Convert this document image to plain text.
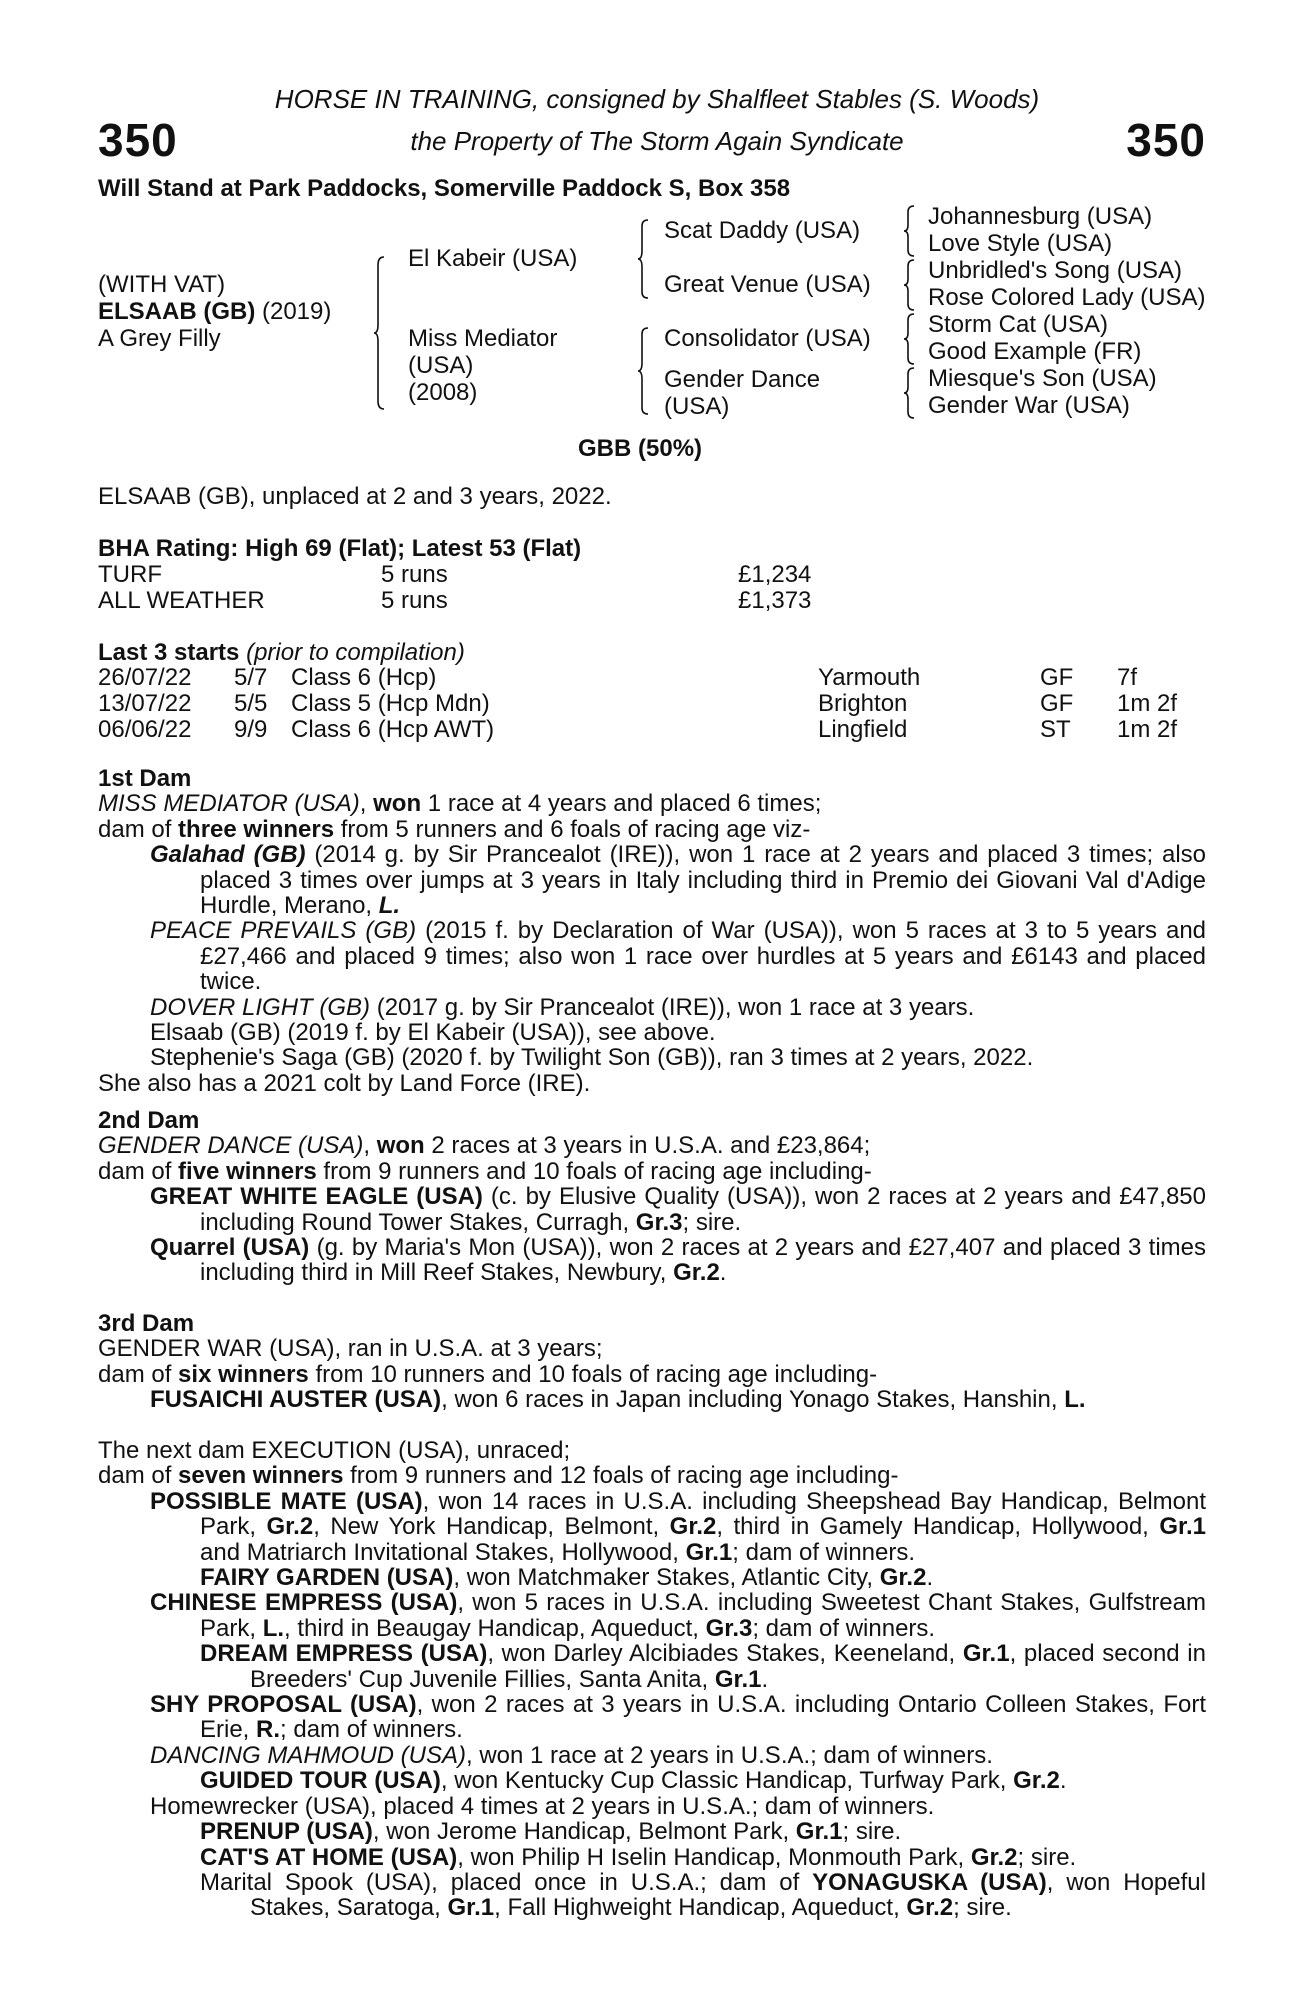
350	350
HORSE IN TRAINING, consigned by Shalfleet Stables (S. Woods)
the Property of The Storm Again Syndicate
Will Stand at Park Paddocks, Somerville Paddock S, Box 358
(WITH VAT)
ELSAAB (GB) (2019)
A Grey Filly
El Kabeir (USA)
Miss Mediator
(USA)
(2008)
Scat Daddy (USA)
Great Venue (USA)
Consolidator (USA)
Gender Dance
(USA)
Johannesburg (USA)
Love Style (USA)
Unbridled's Song (USA)
Rose Colored Lady (USA)
Storm Cat (USA)
Good Example (FR)
Miesque's Son (USA)
Gender War (USA)
GBB (50%)
ELSAAB (GB), unplaced at 2 and 3 years, 2022.
BHA Rating: High 69 (Flat); Latest 53 (Flat)
TURF	5 runs	£1,234
ALL WEATHER	5 runs	£1,373
Last 3 starts (prior to compilation)
26/07/22 5/7 Class 6 (Hcp)	Yarmouth	GF 7f
13/07/22 5/5 Class 5 (Hcp Mdn)	Brighton	GF 1m 2f
06/06/22 9/9 Class 6 (Hcp AWT)	Lingfield	ST 1m 2f

1st Dam

MISS MEDIATOR (USA), won 1 race at 4 years and placed 6 times;

dam of three winners from 5 runners and 6 foals of racing age viz-

Galahad (GB) (2014 g. by Sir Prancealot (IRE)), won 1 race at 2 years and placed 3 times; also placed 3 times over jumps at 3 years in Italy including third in Premio dei Giovani Val d'Adige Hurdle, Merano, L.

PEACE PREVAILS (GB) (2015 f. by Declaration of War (USA)), won 5 races at 3 to 5 years and £27,466 and placed 9 times; also won 1 race over hurdles at 5 years and £6143 and placed twice.

DOVER LIGHT (GB) (2017 g. by Sir Prancealot (IRE)), won 1 race at 3 years.

Elsaab (GB) (2019 f. by El Kabeir (USA)), see above.

Stephenie's Saga (GB) (2020 f. by Twilight Son (GB)), ran 3 times at 2 years, 2022.

She also has a 2021 colt by Land Force (IRE).

2nd Dam

GENDER DANCE (USA), won 2 races at 3 years in U.S.A. and £23,864;

dam of five winners from 9 runners and 10 foals of racing age including-

GREAT WHITE EAGLE (USA) (c. by Elusive Quality (USA)), won 2 races at 2 years and £47,850 including Round Tower Stakes, Curragh, Gr.3; sire.

Quarrel (USA) (g. by Maria's Mon (USA)), won 2 races at 2 years and £27,407 and placed 3 times including third in Mill Reef Stakes, Newbury, Gr.2.

3rd Dam

GENDER WAR (USA), ran in U.S.A. at 3 years;

dam of six winners from 10 runners and 10 foals of racing age including-

FUSAICHI AUSTER (USA), won 6 races in Japan including Yonago Stakes, Hanshin, L.

The next dam EXECUTION (USA), unraced;

dam of seven winners from 9 runners and 12 foals of racing age including-

POSSIBLE MATE (USA), won 14 races in U.S.A. including Sheepshead Bay Handicap, Belmont Park, Gr.2, New York Handicap, Belmont, Gr.2, third in Gamely Handicap, Hollywood, Gr.1 and Matriarch Invitational Stakes, Hollywood, Gr.1; dam of winners.

FAIRY GARDEN (USA), won Matchmaker Stakes, Atlantic City, Gr.2.

CHINESE EMPRESS (USA), won 5 races in U.S.A. including Sweetest Chant Stakes, Gulfstream Park, L., third in Beaugay Handicap, Aqueduct, Gr.3; dam of winners.

DREAM EMPRESS (USA), won Darley Alcibiades Stakes, Keeneland, Gr.1, placed second in Breeders' Cup Juvenile Fillies, Santa Anita, Gr.1.

SHY PROPOSAL (USA), won 2 races at 3 years in U.S.A. including Ontario Colleen Stakes, Fort Erie, R.; dam of winners.

DANCING MAHMOUD (USA), won 1 race at 2 years in U.S.A.; dam of winners.

GUIDED TOUR (USA), won Kentucky Cup Classic Handicap, Turfway Park, Gr.2.

Homewrecker (USA), placed 4 times at 2 years in U.S.A.; dam of winners.

PRENUP (USA), won Jerome Handicap, Belmont Park, Gr.1; sire.

CAT'S AT HOME (USA), won Philip H Iselin Handicap, Monmouth Park, Gr.2; sire.

Marital Spook (USA), placed once in U.S.A.; dam of YONAGUSKA (USA), won Hopeful Stakes, Saratoga, Gr.1, Fall Highweight Handicap, Aqueduct, Gr.2; sire.
